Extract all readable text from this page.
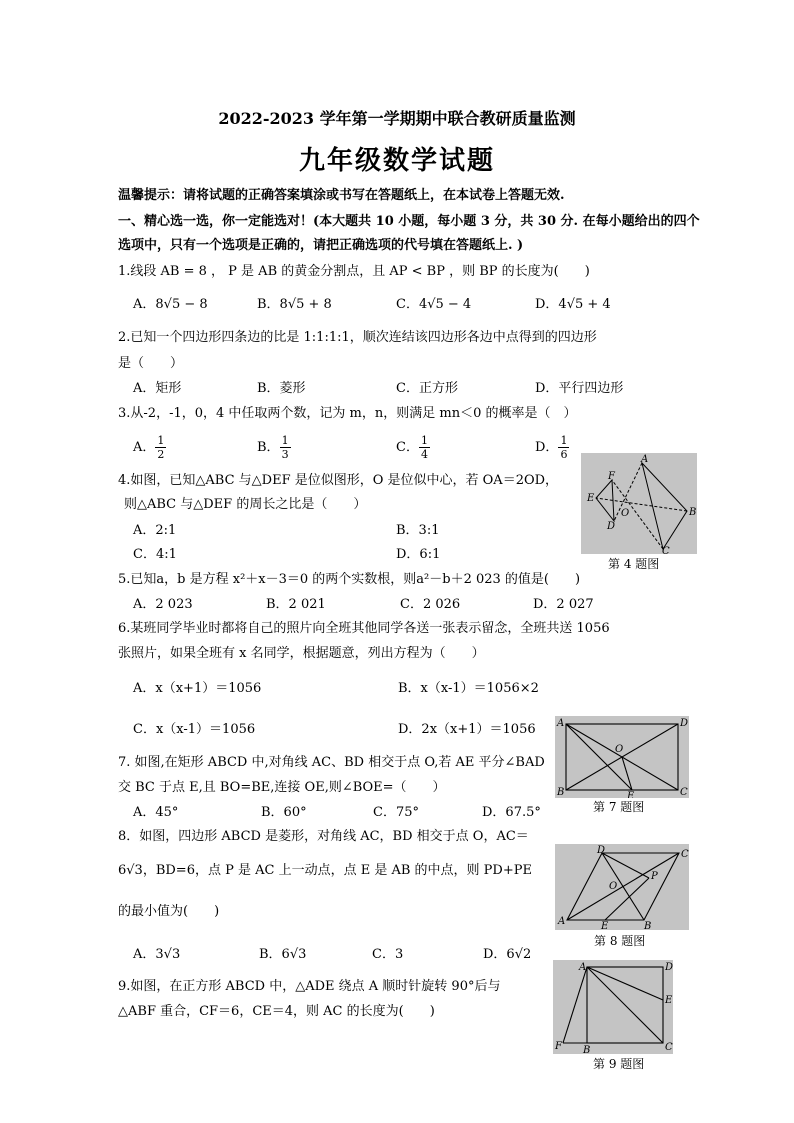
2022-2023 学年第一学期期中联合教研质量监测
九年级数学试题
温馨提示：请将试题的正确答案填涂或书写在答题纸上，在本试卷上答题无效.
一、精心选一选，你一定能选对！(本大题共 10 小题，每小题 3 分，共 30 分. 在每小题给出的四个
选项中，只有一个选项是正确的，请把正确选项的代号填在答题纸上. )
1.线段 AB = 8 ， P 是 AB 的黄金分割点，且 AP < BP ，则 BP 的长度为(　　)
A．8√5 − 8	B．8√5 + 8	C．4√5 − 4	D．4√5 + 4
2.已知一个四边形四条边的比是 1:1:1:1，顺次连结该四边形各边中点得到的四边形
是（　　）
A．矩形	B．菱形	C．正方形	D．平行四边形
3.从-2，-1，0，4 中任取两个数，记为 m，n，则满足 mn＜0 的概率是（　）
A． $\frac{1}{2}$	B． $\frac{1}{3}$	C． $\frac{1}{4}$	D． $\frac{1}{6}$
4.如图，已知△ABC 与△DEF 是位似图形，O 是位似中心，若 OA＝2OD，
则△ABC 与△DEF 的周长之比是（　　）
A．2:1	B．3:1
C．4:1	D．6:1
A
B
C
D
E
F
O
第 4 题图
5.已知a，b 是方程 x²＋x－3＝0 的两个实数根，则a²－b＋2 023 的值是(　　)
A．2 023	B．2 021	C．2 026	D．2 027
6.某班同学毕业时都将自己的照片向全班其他同学各送一张表示留念，全班共送 1056
张照片，如果全班有 x 名同学，根据题意，列出方程为（　　）
A．x（x+1）＝1056	B．x（x-1）＝1056×2
C．x（x-1）＝1056	D．2x（x+1）＝1056
7. 如图,在矩形 ABCD 中,对角线 AC、BD 相交于点 O,若 AE 平分∠BAD
交 BC 于点 E,且 BO=BE,连接 OE,则∠BOE=（　　）
A．45°	B．60°	C．75°	D．67.5°
A
B	C
D
O
E
第 7 题图
8．如图，四边形 ABCD 是菱形，对角线 AC，BD 相交于点 O，AC＝
6√3，BD=6，点 P 是 AC 上一动点，点 E 是 AB 的中点，则 PD+PE
的最小值为(　　)
A．3√3	B．6√3	C．3	D．6√2
A	B
C
D
O
P
E
第 8 题图
9.如图，在正方形 ABCD 中，△ADE 绕点 A 顺时针旋转 90°后与
△ABF 重合，CF＝6，CE＝4，则 AC 的长度为(　　)
A
B	C
D
E
F
第 9 题图
